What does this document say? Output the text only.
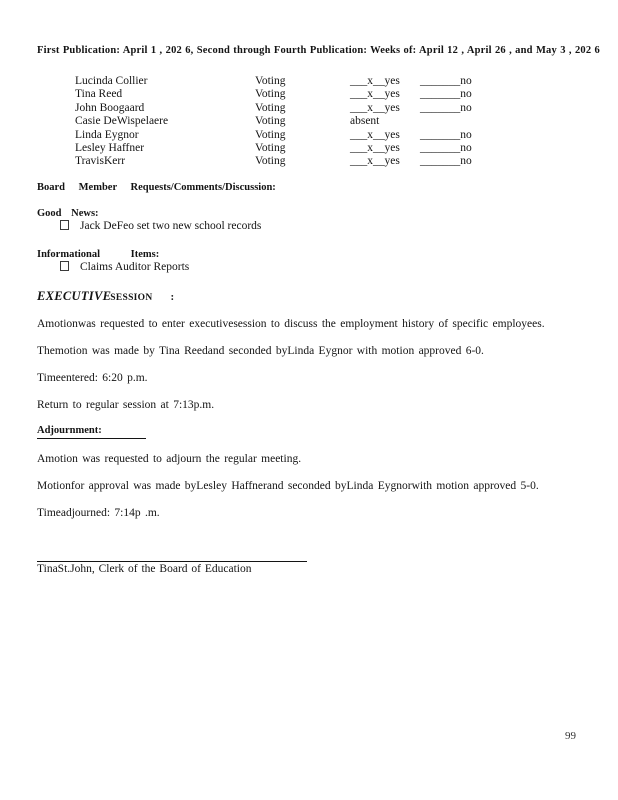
First Publication: April 1 , 202 6, Second through Fourth Publication: Weeks of: April 12 , April 26 , and May 3 , 202 6
Lucinda Collier	Voting	___x__yes	_______no
Tina Reed	Voting	___x__yes	_______no
John Boogaard	Voting	___x__yes	_______no
Casie DeWispelaere	Voting	absent
Linda Eygnor	Voting	___x__yes	_______no
Lesley Haffner	Voting	___x__yes	_______no
TravisKerr	Voting	___x__yes	_______no
Board Member Requests/Comments/Discussion:
Good News:
Jack DeFeo set two new school records
Informational Items:
Claims Auditor Reports
EXECUTIVESESSION :

Amotionwas requested to enter executivesession to discuss the employment history of specific employees.

Themotion was made by Tina Reedand seconded byLinda Eygnor with motion approved 6-0.

Timeentered: 6:20 p.m.

Return to regular session at 7:13p.m.

Adjournment:

Amotion was requested to adjourn the regular meeting.

Motionfor approval was made byLesley Haffnerand seconded byLinda Eygnorwith motion approved 5-0.

Timeadjourned: 7:14p .m.

TinaSt.John, Clerk of the Board of Education
99
